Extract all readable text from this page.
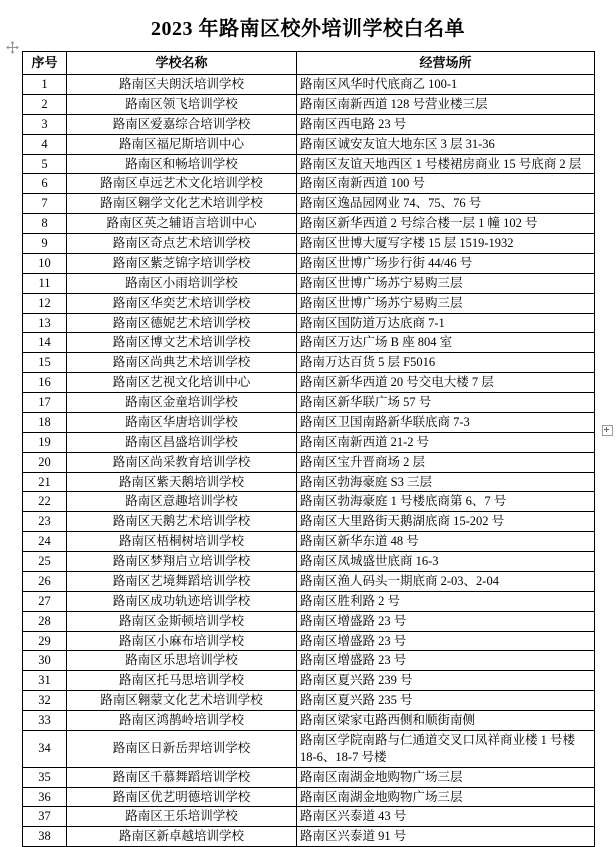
2023 年路南区校外培训学校白名单
序号	学校名称	经营场所
1	路南区夫朗沃培训学校	路南区风华时代底商乙 100-1
2	路南区领飞培训学校	路南区南新西道 128 号营业楼三层
3	路南区爱嘉综合培训学校	路南区西电路 23 号
4	路南区福尼斯培训中心	路南区诚安友谊大地东区 3 层 31-36
5	路南区和畅培训学校	路南区友谊天地西区 1 号楼裙房商业 15 号底商 2 层
6	路南区卓远艺术文化培训学校	路南区南新西道 100 号
7	路南区翱学文化艺术培训学校	路南区逸品园网业 74、75、76 号
8	路南区英之辅语言培训中心	路南区新华西道 2 号综合楼一层 1 幢 102 号
9	路南区奇点艺术培训学校	路南区世博大厦写字楼 15 层 1519-1932
10	路南区紫芝锦字培训学校	路南区世博广场步行街 44/46 号
11	路南区小雨培训学校	路南区世博广场苏宁易购三层
12	路南区华奕艺术培训学校	路南区世博广场苏宁易购三层
13	路南区德妮艺术培训学校	路南区国防道万达底商 7-1
14	路南区博文艺术培训学校	路南区万达广场 B 座 804 室
15	路南区尚典艺术培训学校	路南万达百货 5 层 F5016
16	路南区艺视文化培训中心	路南区新华西道 20 号交电大楼 7 层
17	路南区金童培训学校	路南区新华联广场 57 号
18	路南区华唐培训学校	路南区卫国南路新华联底商 7-3
19	路南区昌盛培训学校	路南区南新西道 21-2 号
20	路南区尚采教育培训学校	路南区宝升晋商场 2 层
21	路南区紫天鹅培训学校	路南区勃海豪庭 S3 三层
22	路南区意趣培训学校	路南区勃海豪庭 1 号楼底商第 6、7 号
23	路南区天鹅艺术培训学校	路南区大里路街天鹅湖底商 15-202 号
24	路南区梧桐树培训学校	路南区新华东道 48 号
25	路南区梦翔启立培训学校	路南区凤城盛世底商 16-3
26	路南区艺境舞蹈培训学校	路南区渔人码头一期底商 2-03、2-04
27	路南区成功轨迹培训学校	路南区胜利路 2 号
28	路南区金斯顿培训学校	路南区增盛路 23 号
29	路南区小麻布培训学校	路南区增盛路 23 号
30	路南区乐思培训学校	路南区增盛路 23 号
31	路南区托马思培训学校	路南区夏兴路 239 号
32	路南区翱蒙文化艺术培训学校	路南区夏兴路 235 号
33	路南区鸿鹊岭培训学校	路南区梁家屯路西侧和顺街南侧
34	路南区日新岳羿培训学校	路南区学院南路与仁通道交叉口凤祥商业楼 1 号楼 18-6、18-7 号楼
35	路南区千慕舞蹈培训学校	路南区南湖金地购物广场三层
36	路南区优艺明德培训学校	路南区南湖金地购物广场三层
37	路南区王乐培训学校	路南区兴泰道 43 号
38	路南区新卓越培训学校	路南区兴泰道 91 号
